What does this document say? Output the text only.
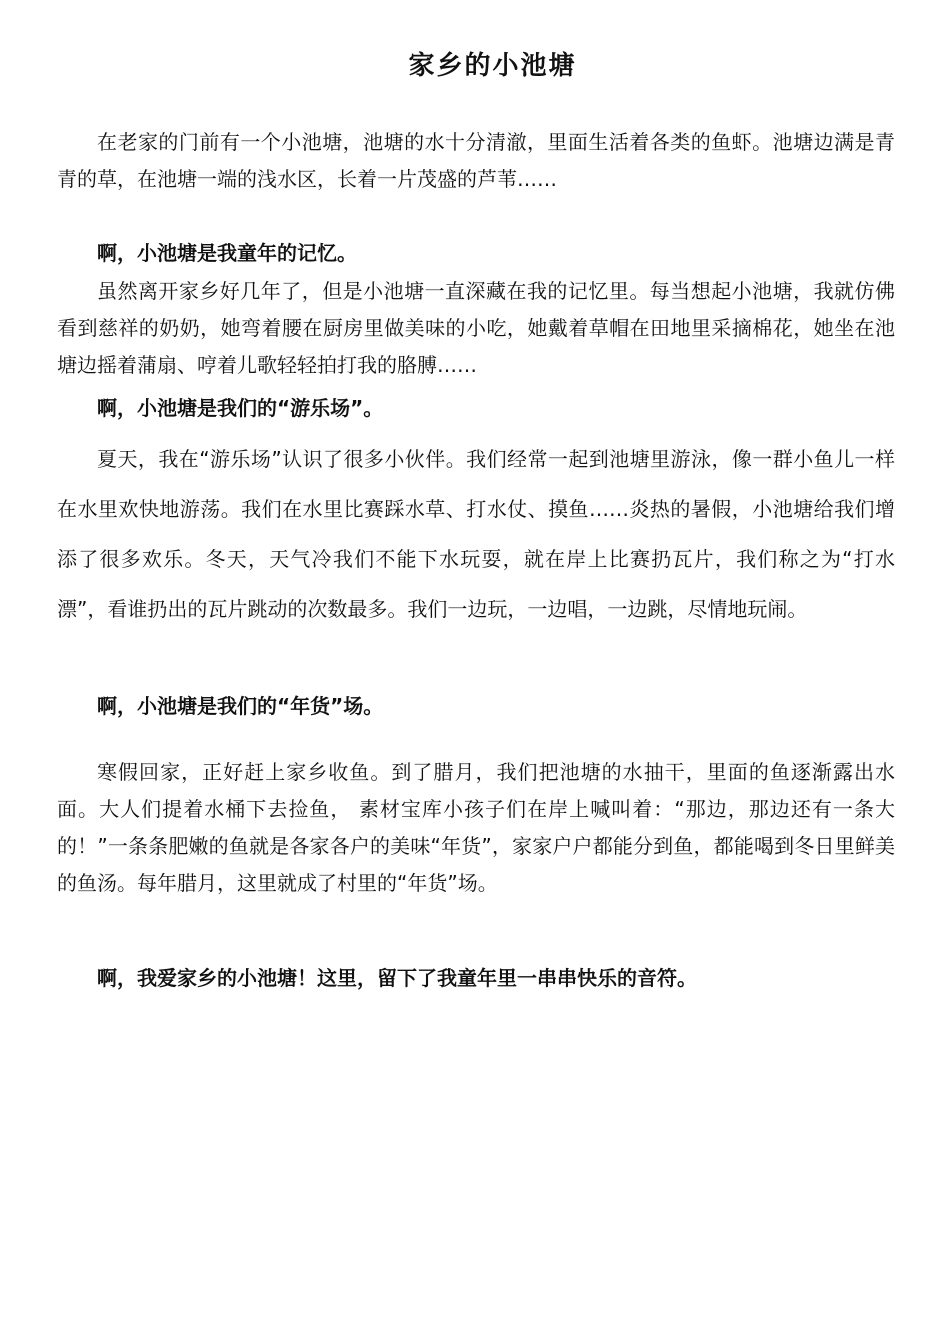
家乡的小池塘

在老家的门前有一个小池塘，池塘的水十分清澈，里面生活着各类的鱼虾。池塘边满是青青的草，在池塘一端的浅水区，长着一片茂盛的芦苇……

啊，小池塘是我童年的记忆。

虽然离开家乡好几年了，但是小池塘一直深藏在我的记忆里。每当想起小池塘，我就仿佛看到慈祥的奶奶，她弯着腰在厨房里做美味的小吃，她戴着草帽在田地里采摘棉花，她坐在池塘边摇着蒲扇、哼着儿歌轻轻拍打我的胳膊……

啊，小池塘是我们的“游乐场”。

夏天，我在“游乐场”认识了很多小伙伴。我们经常一起到池塘里游泳，像一群小鱼儿一样在水里欢快地游荡。我们在水里比赛踩水草、打水仗、摸鱼……炎热的暑假，小池塘给我们增添了很多欢乐。冬天，天气冷我们不能下水玩耍，就在岸上比赛扔瓦片，我们称之为“打水漂”，看谁扔出的瓦片跳动的次数最多。我们一边玩，一边唱，一边跳，尽情地玩闹。

啊，小池塘是我们的“年货”场。

寒假回家，正好赶上家乡收鱼。到了腊月，我们把池塘的水抽干，里面的鱼逐渐露出水面。大人们提着水桶下去捡鱼， 素材宝库小孩子们在岸上喊叫着：“那边，那边还有一条大的！”一条条肥嫩的鱼就是各家各户的美味“年货”，家家户户都能分到鱼，都能喝到冬日里鲜美的鱼汤。每年腊月，这里就成了村里的“年货”场。

啊，我爱家乡的小池塘！这里，留下了我童年里一串串快乐的音符。
